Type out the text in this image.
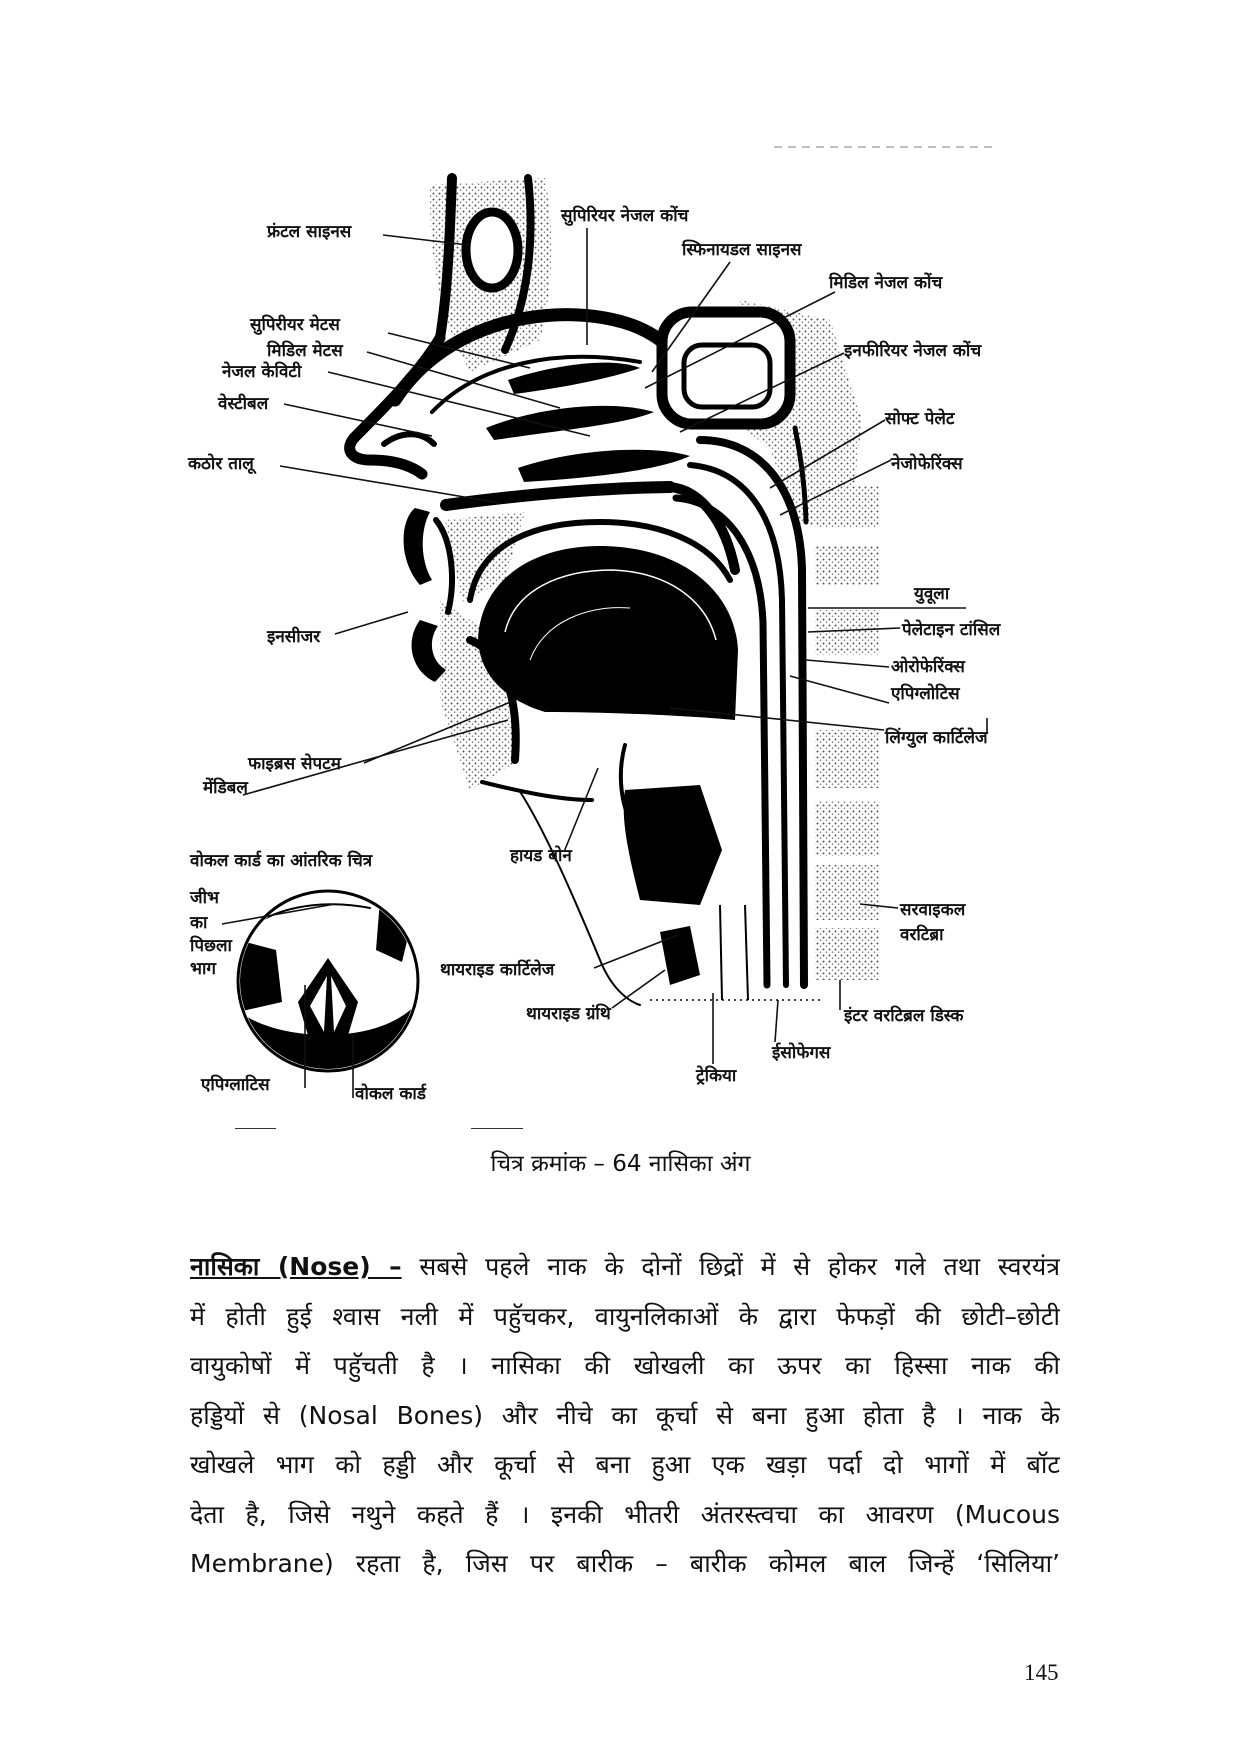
फ्रंटल साइनस
सुपिरियर नेजल कोंच
स्फिनायडल साइनस
मिडिल नेजल कोंच
सुपिरीयर मेटस
मिडिल मेटस
नेजल केविटी
इनफीरियर नेजल कोंच
वेस्टीबल
सोफ्ट पेलेट
कठोर तालू	नेजोफेरिंक्स
युवूला
पेलेटाइन टांसिल
इनसीजर
ओरोफेरिंक्स
एपिग्लोटिस
लिंग्युल कार्टिलेज
फाइब्रस सेपटम
मेंडिबल
हायड बोन
वोकल कार्ड का आंतरिक चित्र
जीभ
का
पिछला
भाग
सरवाइकल
वरटिब्रा
थायराइड कार्टिलेज
थायराइड ग्रंथि	इंटर वरटिब्रल डिस्क
ईसोफेगस
ट्रेकिया
एपिग्लाटिस	वोकल कार्ड
चित्र क्रमांक – 64 नासिका अंग
नासिका (Nose) – सबसे पहले नाक के दोनों छिद्रों में से होकर गले तथा स्वरयंत्र
में होती हुई श्वास नली में पहुॅचकर, वायुनलिकाओं के द्वारा फेफड़ों की छोटी–छोटी
वायुकोषों में पहुॅचती है । नासिका की खोखली का ऊपर का हिस्सा नाक की
हड्डियों से (Nosal Bones) और नीचे का कूर्चा से बना हुआ होता है । नाक के
खोखले भाग को हड्डी और कूर्चा से बना हुआ एक खड़ा पर्दा दो भागों में बॉट
देता है, जिसे नथुने कहते हैं । इनकी भीतरी अंतरस्त्वचा का आवरण (Mucous
Membrane) रहता है, जिस पर बारीक – बारीक कोमल बाल जिन्हें ‘सिलिया’
145
